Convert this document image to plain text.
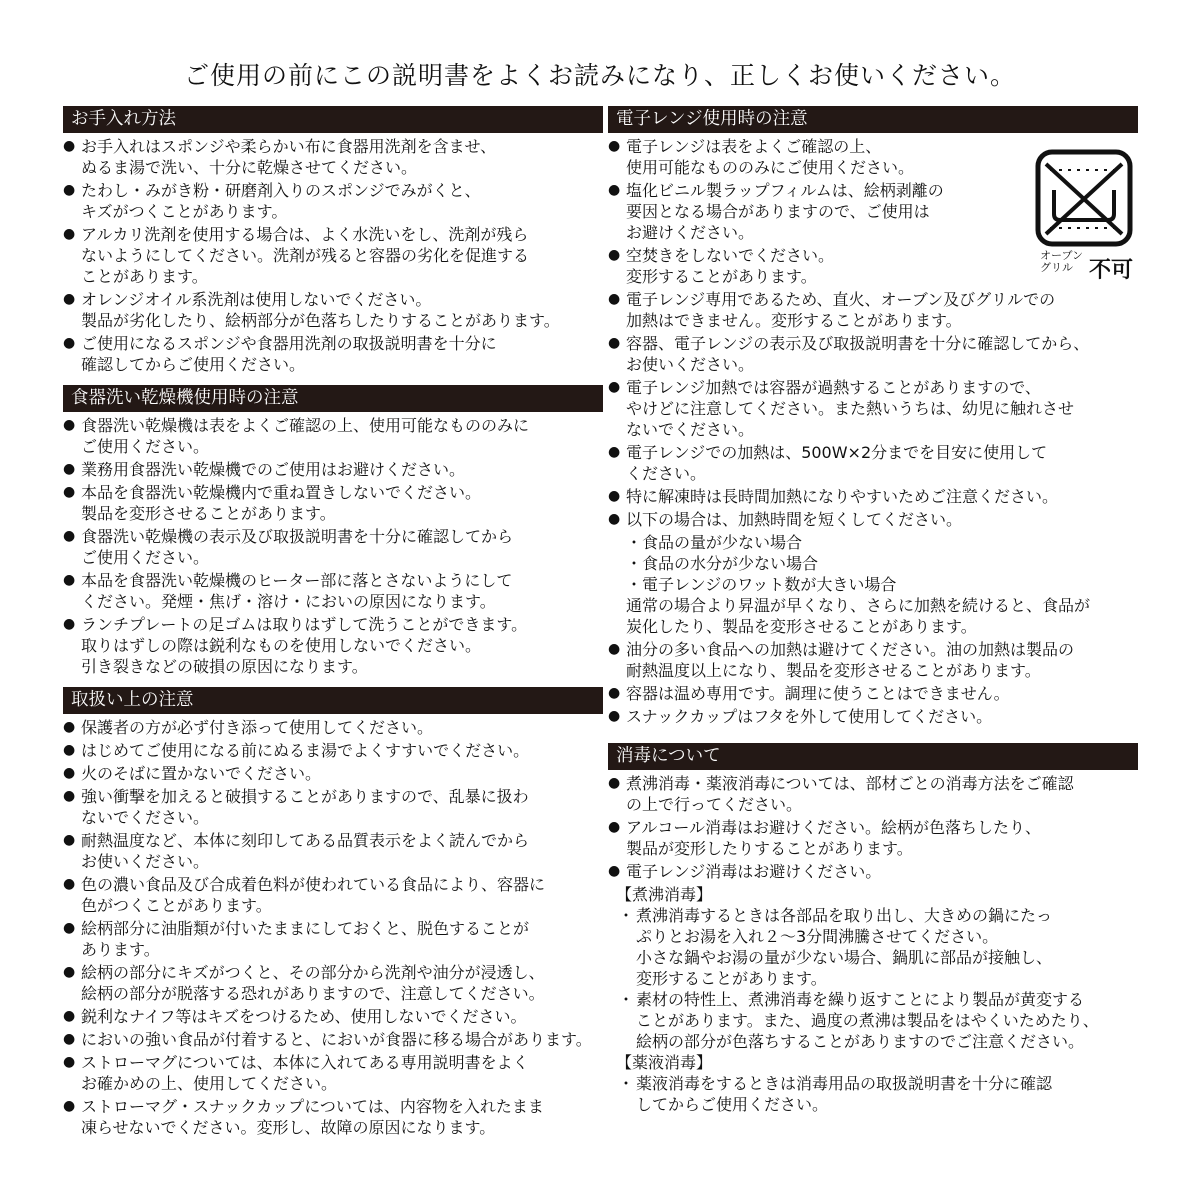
ご使用の前にこの説明書をよくお読みになり、正しくお使いください。
お手入れ方法
● お手入れはスポンジや柔らかい布に食器用洗剤を含ませ、
ぬるま湯で洗い、十分に乾燥させてください。
● たわし・みがき粉・研磨剤入りのスポンジでみがくと、
キズがつくことがあります。
● アルカリ洗剤を使用する場合は、よく水洗いをし、洗剤が残ら
ないようにしてください。洗剤が残ると容器の劣化を促進する
ことがあります。
● オレンジオイル系洗剤は使用しないでください。
製品が劣化したり、絵柄部分が色落ちしたりすることがあります。
● ご使用になるスポンジや食器用洗剤の取扱説明書を十分に
確認してからご使用ください。
食器洗い乾燥機使用時の注意
● 食器洗い乾燥機は表をよくご確認の上、使用可能なもののみに
ご使用ください。
● 業務用食器洗い乾燥機でのご使用はお避けください。
● 本品を食器洗い乾燥機内で重ね置きしないでください。
製品を変形させることがあります。
● 食器洗い乾燥機の表示及び取扱説明書を十分に確認してから
ご使用ください。
● 本品を食器洗い乾燥機のヒーター部に落とさないようにして
ください。発煙・焦げ・溶け・においの原因になります。
● ランチプレートの足ゴムは取りはずして洗うことができます。
取りはずしの際は鋭利なものを使用しないでください。
引き裂きなどの破損の原因になります。
取扱い上の注意
● 保護者の方が必ず付き添って使用してください。
● はじめてご使用になる前にぬるま湯でよくすすいでください。
● 火のそばに置かないでください。
● 強い衝撃を加えると破損することがありますので、乱暴に扱わ
ないでください。
● 耐熱温度など、本体に刻印してある品質表示をよく読んでから
お使いください。
● 色の濃い食品及び合成着色料が使われている食品により、容器に
色がつくことがあります。
● 絵柄部分に油脂類が付いたままにしておくと、脱色することが
あります。
● 絵柄の部分にキズがつくと、その部分から洗剤や油分が浸透し、
絵柄の部分が脱落する恐れがありますので、注意してください。
● 鋭利なナイフ等はキズをつけるため、使用しないでください。
● においの強い食品が付着すると、においが食器に移る場合があります。
● ストローマグについては、本体に入れてある専用説明書をよく
お確かめの上、使用してください。
● ストローマグ・スナックカップについては、内容物を入れたまま
凍らせないでください。変形し、故障の原因になります。
電子レンジ使用時の注意
● 電子レンジは表をよくご確認の上、
使用可能なもののみにご使用ください。
● 塩化ビニル製ラップフィルムは、絵柄剥離の
要因となる場合がありますので、ご使用は
お避けください。
● 空焚きをしないでください。
変形することがあります。
● 電子レンジ専用であるため、直火、オーブン及びグリルでの
加熱はできません。変形することがあります。
● 容器、電子レンジの表示及び取扱説明書を十分に確認してから、
お使いください。
● 電子レンジ加熱では容器が過熱することがありますので、
やけどに注意してください。また熱いうちは、幼児に触れさせ
ないでください。
● 電子レンジでの加熱は、500W×2分までを目安に使用して
ください。
● 特に解凍時は長時間加熱になりやすいためご注意ください。
● 以下の場合は、加熱時間を短くしてください。
・食品の量が少ない場合
・食品の水分が少ない場合
・電子レンジのワット数が大きい場合
通常の場合より昇温が早くなり、さらに加熱を続けると、食品が
炭化したり、製品を変形させることがあります。
● 油分の多い食品への加熱は避けてください。油の加熱は製品の
耐熱温度以上になり、製品を変形させることがあります。
● 容器は温め専用です。調理に使うことはできません。
● スナックカップはフタを外して使用してください。
消毒について
● 煮沸消毒・薬液消毒については、部材ごとの消毒方法をご確認
の上で行ってください。
● アルコール消毒はお避けください。絵柄が色落ちしたり、
製品が変形したりすることがあります。
● 電子レンジ消毒はお避けください。
【煮沸消毒】
・ 煮沸消毒するときは各部品を取り出し、大きめの鍋にたっ
ぷりとお湯を入れ２～3分間沸騰させてください。
小さな鍋やお湯の量が少ない場合、鍋肌に部品が接触し、
変形することがあります。
・ 素材の特性上、煮沸消毒を繰り返すことにより製品が黄変する
ことがあります。また、過度の煮沸は製品をはやくいためたり、
絵柄の部分が色落ちすることがありますのでご注意ください。
【薬液消毒】
・ 薬液消毒をするときは消毒用品の取扱説明書を十分に確認
してからご使用ください。
オーブン
グリル 不可
